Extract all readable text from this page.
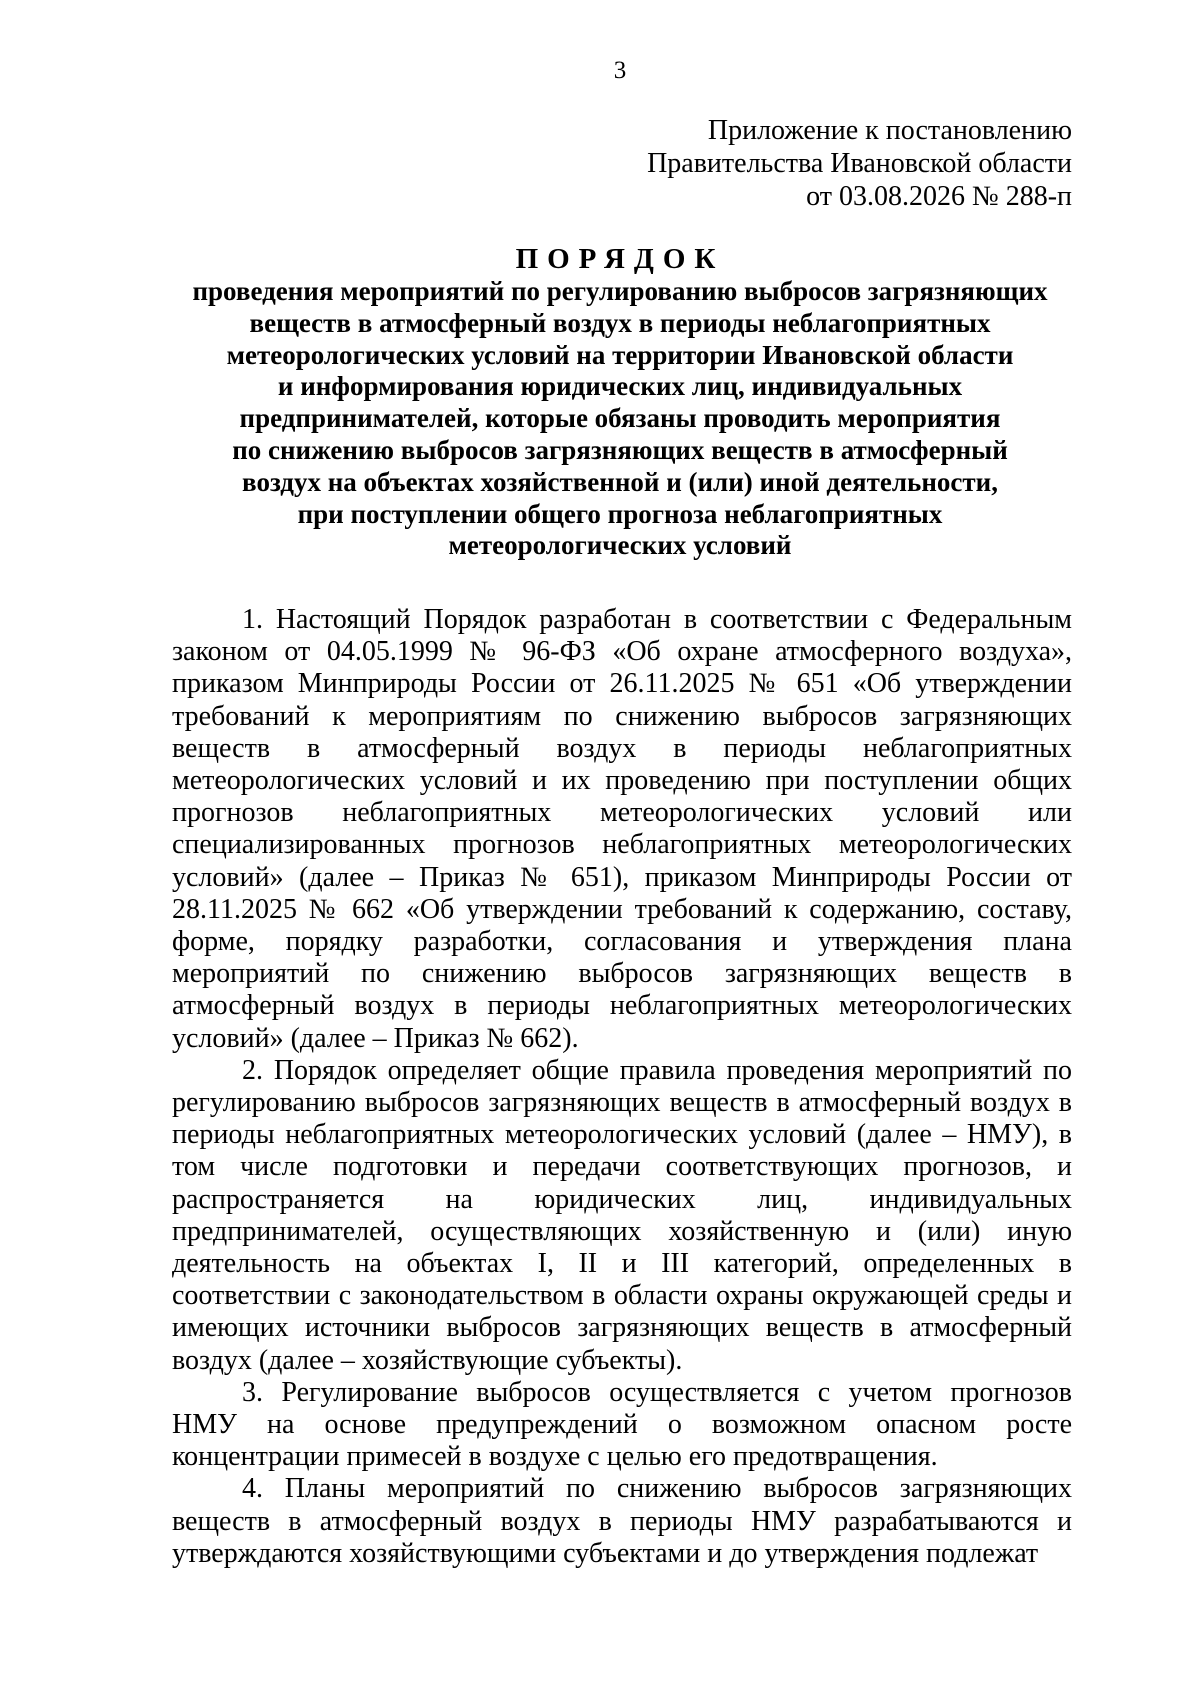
3
Приложение к постановлению
Правительства Ивановской области
от 03.08.2026 № 288-п
ПОРЯДОК
проведения мероприятий по регулированию выбросов загрязняющих
веществ в атмосферный воздух в периоды неблагоприятных
метеорологических условий на территории Ивановской области
и информирования юридических лиц, индивидуальных
предпринимателей, которые обязаны проводить мероприятия
по снижению выбросов загрязняющих веществ в атмосферный
воздух на объектах хозяйственной и (или) иной деятельности,
при поступлении общего прогноза неблагоприятных
метеорологических условий

1. Настоящий Порядок разработан в соответствии с Федеральным законом от 04.05.1999 № 96-ФЗ «Об охране атмосферного воздуха», приказом Минприроды России от 26.11.2025 № 651 «Об утверждении требований к мероприятиям по снижению выбросов загрязняющих веществ в атмосферный воздух в периоды неблагоприятных метеорологических условий и их проведению при поступлении общих прогнозов неблагоприятных метеорологических условий или специализированных прогнозов неблагоприятных метеорологических условий» (далее – Приказ № 651), приказом Минприроды России от 28.11.2025 № 662 «Об утверждении требований к содержанию, составу, форме, порядку разработки, согласования и утверждения плана мероприятий по снижению выбросов загрязняющих веществ в атмосферный воздух в периоды неблагоприятных метеорологических условий» (далее – Приказ № 662).

2. Порядок определяет общие правила проведения мероприятий по регулированию выбросов загрязняющих веществ в атмосферный воздух в периоды неблагоприятных метеорологических условий (далее – НМУ), в том числе подготовки и передачи соответствующих прогнозов, и распространяется на юридических лиц, индивидуальных предпринимателей, осуществляющих хозяйственную и (или) иную деятельность на объектах I, II и III категорий, определенных в соответствии с законодательством в области охраны окружающей среды и имеющих источники выбросов загрязняющих веществ в атмосферный воздух (далее – хозяйствующие субъекты).

3. Регулирование выбросов осуществляется с учетом прогнозов НМУ на основе предупреждений о возможном опасном росте концентрации примесей в воздухе с целью его предотвращения.

4. Планы мероприятий по снижению выбросов загрязняющих веществ в атмосферный воздух в периоды НМУ разрабатываются и утверждаются хозяйствующими субъектами и до утверждения подлежат
